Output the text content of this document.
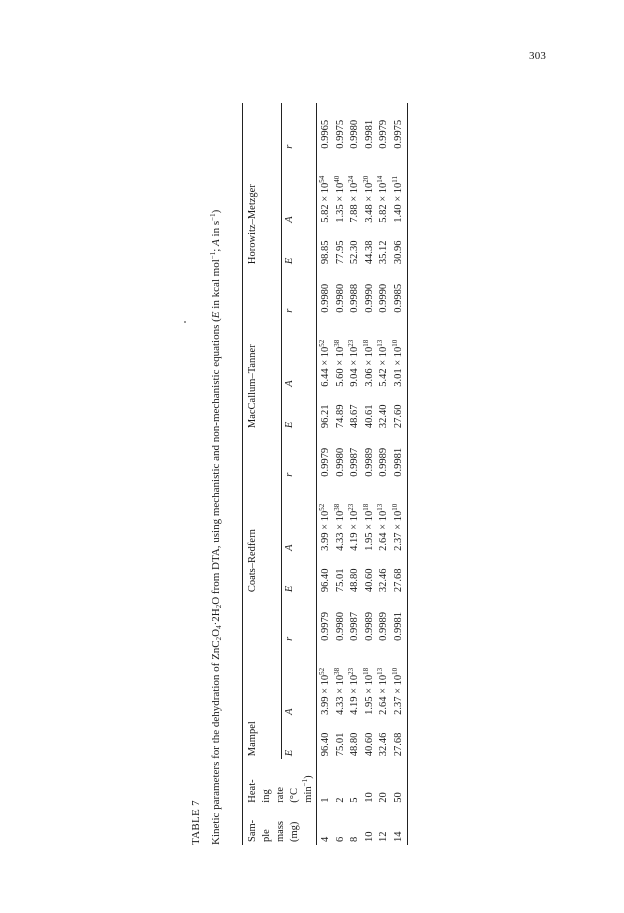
303
TABLE 7 Kinetic parameters for the dehydration of $ZnC_2O_4\cdot 2H_2O$ from DTA, using mechanistic and non-mechanistic equations (E in kcal mol$^{-1}$; A in $s^{-1}$)
Sam- ple mass (mg)	Heat- ing rate (°C $\min^{-1}$)	Mampel			Coats–Redfern			MacCallum–Tanner			Horowitz–Metzger		
		E	A	r	E	A	r	E	A	r	E	A	r
4	1	96.40	$3.99 \times 10^{52}$	0.9979	96.40	$3.99 \times 10^{52}$	0.9979	96.21	$6.44 \times 10^{52}$	0.9980	98.85	$5.82 \times 10^{54}$	0.9965
6	2	75.01	$4.33 \times 10^{38}$	0.9980	75.01	$4.33 \times 10^{38}$	0.9980	74.89	$5.60 \times 10^{38}$	0.9980	77.95	$1.35 \times 10^{40}$	0.9975
8	5	48.80	$4.19 \times 10^{23}$	0.9987	48.80	$4.19 \times 10^{23}$	0.9987	48.67	$9.04 \times 10^{23}$	0.9988	52.30	$7.88 \times 10^{24}$	0.9980
10	10	40.60	$1.95 \times 10^{18}$	0.9989	40.60	$1.95 \times 10^{18}$	0.9989	40.61	$3.06 \times 10^{18}$	0.9990	44.38	$3.48 \times 10^{20}$	0.9981
12	20	32.46	$2.64 \times 10^{13}$	0.9989	32.46	$2.64 \times 10^{13}$	0.9989	32.40	$5.42 \times 10^{13}$	0.9990	35.12	$5.82 \times 10^{14}$	0.9979
14	50	27.68	$2.37 \times 10^{10}$	0.9981	27.68	$2.37 \times 10^{10}$	0.9981	27.60	$3.01 \times 10^{10}$	0.9985	30.96	$1.40 \times 10^{11}$	0.9975
